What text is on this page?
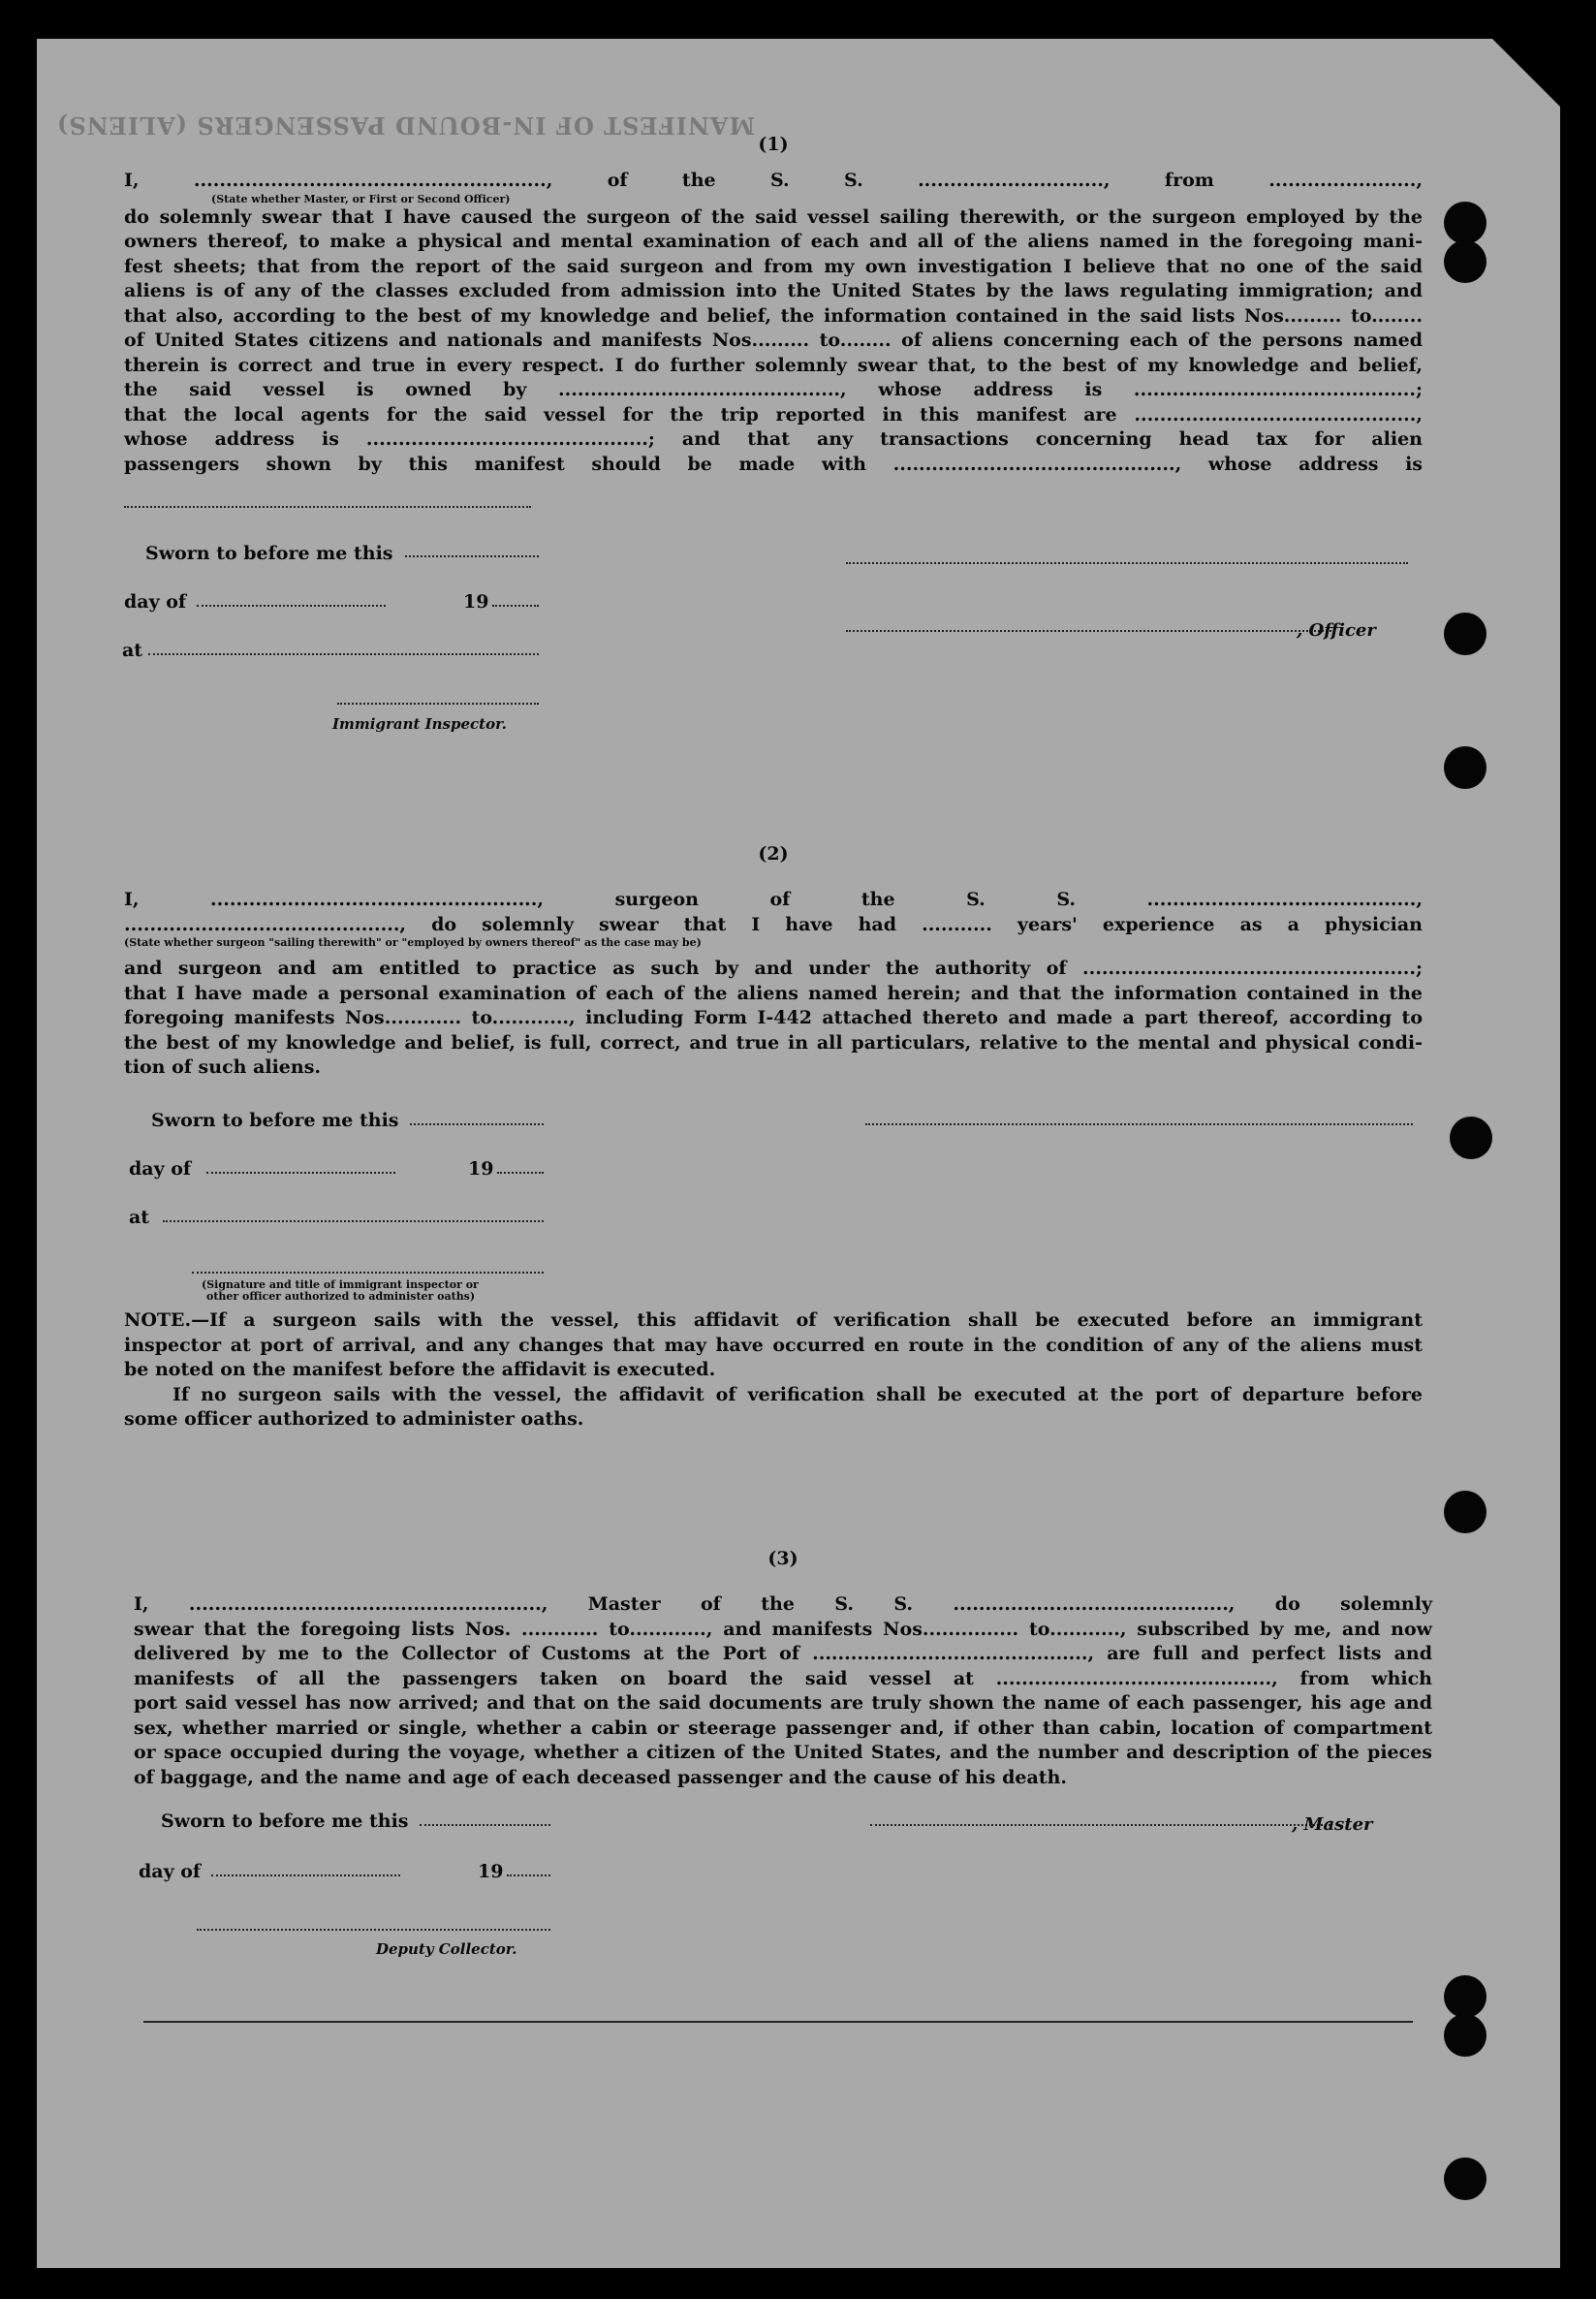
MANIFEST OF IN-BOUND PASSENGERS (ALIENS)
(1)
I, ......................................................., of the S. S. ............................., from .......................,
(State whether Master, or First or Second Officer)
do solemnly swear that I have caused the surgeon of the said vessel sailing therewith, or the surgeon employed by the
owners thereof, to make a physical and mental examination of each and all of the aliens named in the foregoing mani-
fest sheets; that from the report of the said surgeon and from my own investigation I believe that no one of the said
aliens is of any of the classes excluded from admission into the United States by the laws regulating immigration; and
that also, according to the best of my knowledge and belief, the information contained in the said lists Nos......... to........
of United States citizens and nationals and manifests Nos......... to........ of aliens concerning each of the persons named
therein is correct and true in every respect. I do further solemnly swear that, to the best of my knowledge and belief,
the said vessel is owned by ............................................, whose address is ............................................;
that the local agents for the said vessel for the trip reported in this manifest are ............................................,
whose address is ............................................; and that any transactions concerning head tax for alien
passengers shown by this manifest should be made with ............................................, whose address is
Sworn to before me this
day of	19
at
Immigrant Inspector.
, Officer
(2)
I, ..................................................., surgeon of the S. S. ..........................................,
..........................................., do solemnly swear that I have had ........... years' experience as a physician
(State whether surgeon "sailing therewith" or "employed by owners thereof" as the case may be)
and surgeon and am entitled to practice as such by and under the authority of ....................................................;
that I have made a personal examination of each of the aliens named herein; and that the information contained in the
foregoing manifests Nos............ to............, including Form I-442 attached thereto and made a part thereof, according to
the best of my knowledge and belief, is full, correct, and true in all particulars, relative to the mental and physical condi-
tion of such aliens.
Sworn to before me this
day of	19
at
(Signature and title of immigrant inspector or
other officer authorized to administer oaths)
NOTE.—If a surgeon sails with the vessel, this affidavit of verification shall be executed before an immigrant
inspector at port of arrival, and any changes that may have occurred en route in the condition of any of the aliens must
be noted on the manifest before the affidavit is executed.
If no surgeon sails with the vessel, the affidavit of verification shall be executed at the port of departure before
some officer authorized to administer oaths.
(3)
I, ......................................................., Master of the S. S. ..........................................., do solemnly
swear that the foregoing lists Nos. ............ to............, and manifests Nos............... to..........., subscribed by me, and now
delivered by me to the Collector of Customs at the Port of ..........................................., are full and perfect lists and
manifests of all the passengers taken on board the said vessel at ..........................................., from which
port said vessel has now arrived; and that on the said documents are truly shown the name of each passenger, his age and
sex, whether married or single, whether a cabin or steerage passenger and, if other than cabin, location of compartment
or space occupied during the voyage, whether a citizen of the United States, and the number and description of the pieces
of baggage, and the name and age of each deceased passenger and the cause of his death.
Sworn to before me this	, Master
day of	19
Deputy Collector.
